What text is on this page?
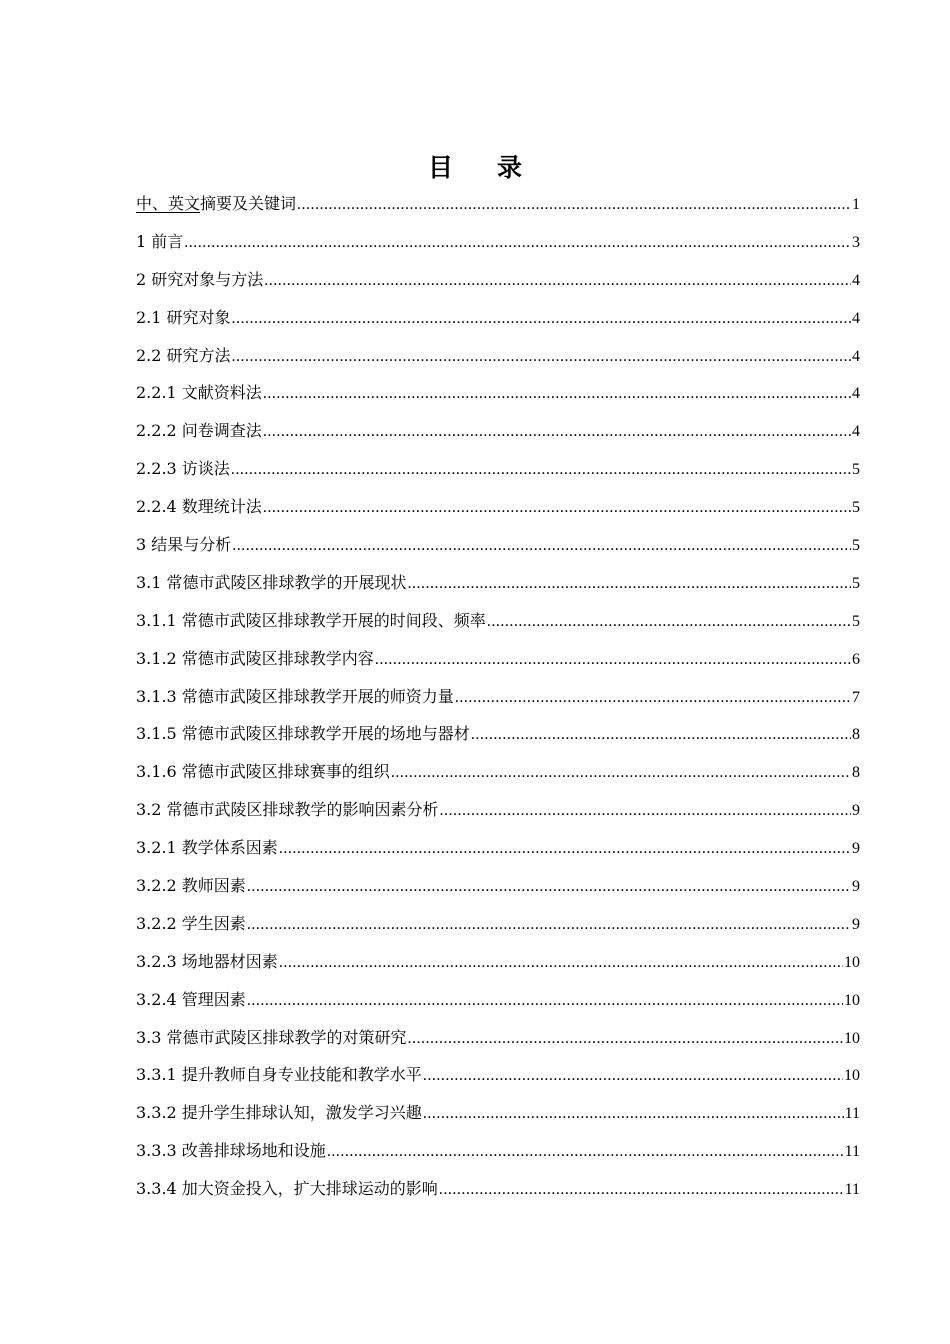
目 录
中、英文摘要及关键词 .....	1
1 前言 .....	3
2 研究对象与方法 .....	4
2.1 研究对象 .....	4
2.2 研究方法 .....	4
2.2.1 文献资料法 .....	4
2.2.2 问卷调查法 .....	4
2.2.3 访谈法 .....	5
2.2.4 数理统计法 .....	5
3 结果与分析 .....	5
3.1 常德市武陵区排球教学的开展现状 .....	5
3.1.1 常德市武陵区排球教学开展的时间段、频率 .....	5
3.1.2 常德市武陵区排球教学内容 .....	6
3.1.3 常德市武陵区排球教学开展的师资力量 .....	7
3.1.5 常德市武陵区排球教学开展的场地与器材 .....	8
3.1.6 常德市武陵区排球赛事的组织 .....	8
3.2 常德市武陵区排球教学的影响因素分析 .....	9
3.2.1 教学体系因素 .....	9
3.2.2 教师因素 .....	9
3.2.2 学生因素 .....	9
3.2.3 场地器材因素 .....	10
3.2.4 管理因素 .....	10
3.3 常德市武陵区排球教学的对策研究 .....	10
3.3.1 提升教师自身专业技能和教学水平 .....	10
3.3.2 提升学生排球认知，激发学习兴趣 .....	11
3.3.3 改善排球场地和设施 .....	11
3.3.4 加大资金投入，扩大排球运动的影响 .....	11
